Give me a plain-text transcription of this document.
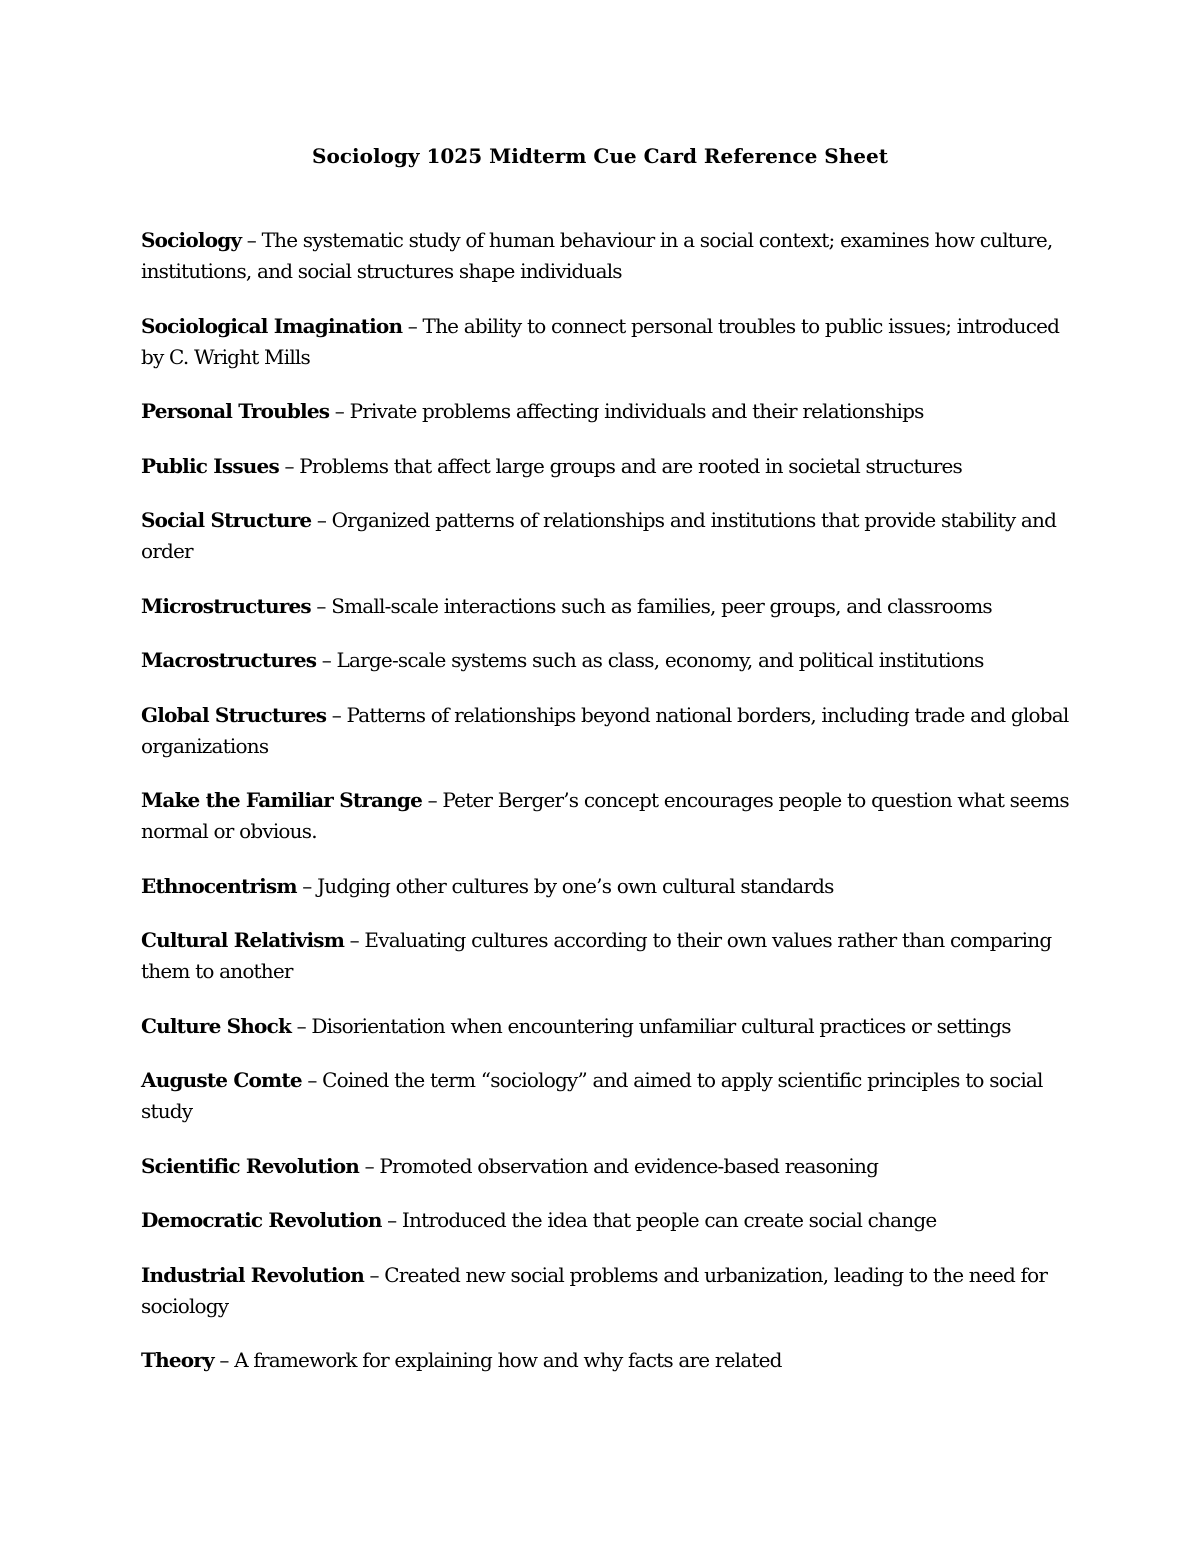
Sociology 1025 Midterm Cue Card Reference Sheet

Sociology – The systematic study of human behaviour in a social context; examines how culture, institutions, and social structures shape individuals

Sociological Imagination – The ability to connect personal troubles to public issues; introduced by C. Wright Mills

Personal Troubles – Private problems affecting individuals and their relationships

Public Issues – Problems that affect large groups and are rooted in societal structures

Social Structure – Organized patterns of relationships and institutions that provide stability and order

Microstructures – Small-scale interactions such as families, peer groups, and classrooms

Macrostructures – Large-scale systems such as class, economy, and political institutions

Global Structures – Patterns of relationships beyond national borders, including trade and global organizations

Make the Familiar Strange – Peter Berger’s concept encourages people to question what seems normal or obvious.

Ethnocentrism – Judging other cultures by one’s own cultural standards

Cultural Relativism – Evaluating cultures according to their own values rather than comparing them to another

Culture Shock – Disorientation when encountering unfamiliar cultural practices or settings

Auguste Comte – Coined the term “sociology” and aimed to apply scientific principles to social study

Scientific Revolution – Promoted observation and evidence-based reasoning

Democratic Revolution – Introduced the idea that people can create social change

Industrial Revolution – Created new social problems and urbanization, leading to the need for sociology

Theory – A framework for explaining how and why facts are related
